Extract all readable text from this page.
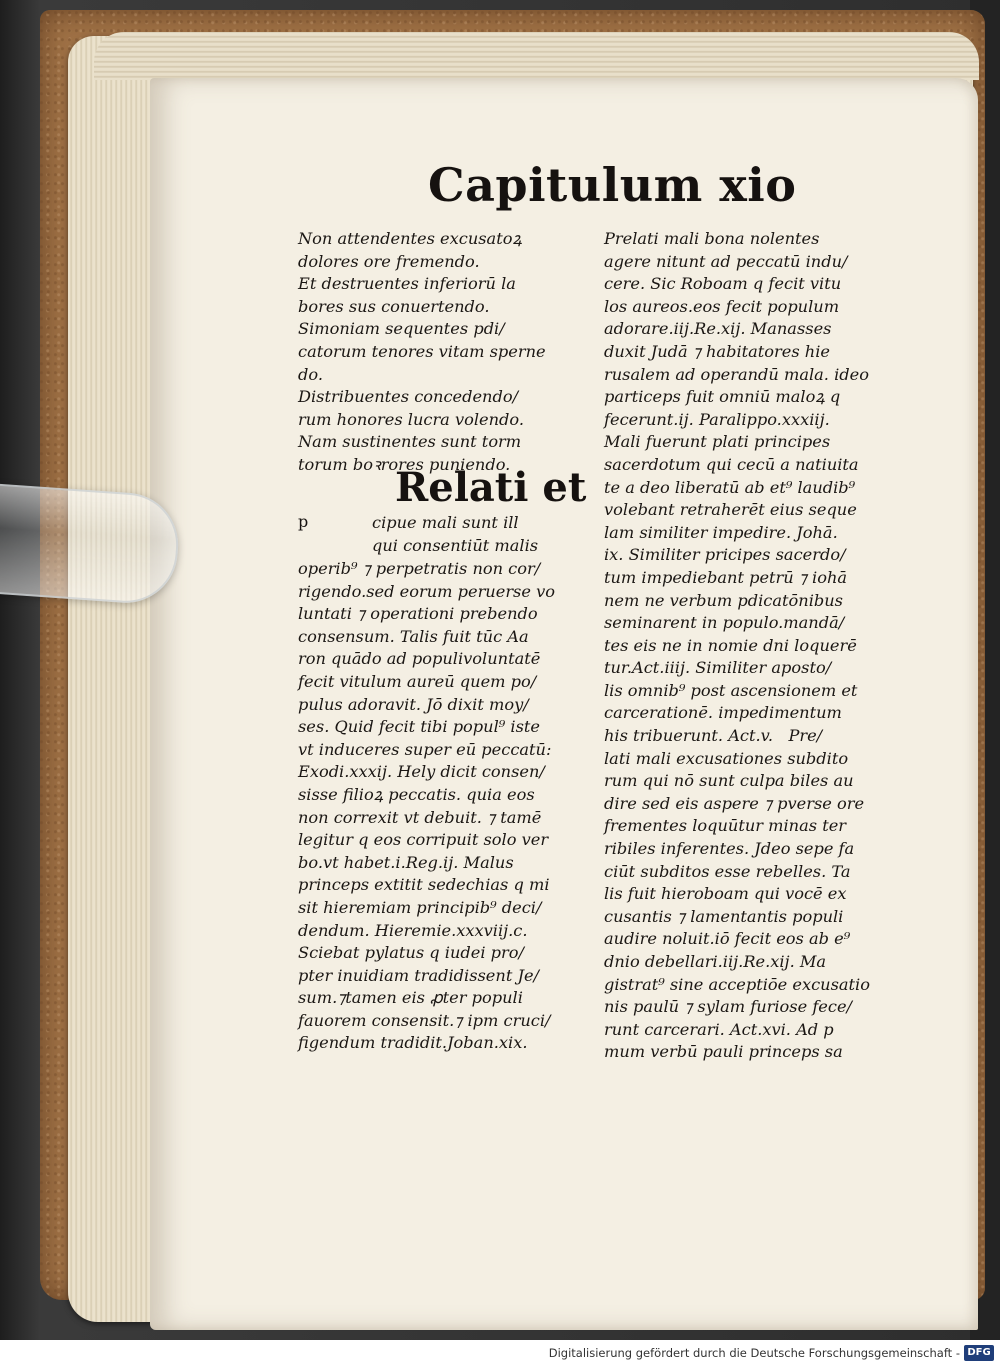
Capitulum xio
Non attendentes excusatoꝝ
dolores ore fremendo.
Et destruentes inferiorū la
bores sus conuertendo.
Simoniam sequentes pdi/
catorum tenores vitam sperne
do.
Distribuentes concedendo/
rum honores lucra volendo.
Nam sustinentes sunt torm
torum boꝛrores puniendo.
Relati et
p	cipue mali sunt ill
qui consentiūt malis
operib⁹ ⁊ perpetratis non cor/
rigendo.sed eorum peruerse vo
luntati ⁊ operationi prebendo
consensum. Talis fuit tūc Aa
ron quādo ad populivoluntatē
fecit vitulum aureū quem po/
pulus adoravit. Jō dixit moy/
ses. Quid fecit tibi popul⁹ iste
vt induceres super eū peccatū:
Exodi.xxxij. Hely dicit consen/
sisse filioꝝ peccatis. quia eos
non correxit vt debuit. ⁊ tamē
legitur q eos corripuit solo ver
bo.vt habet.i.Reg.ij. Malus
princeps extitit sedechias q mi
sit hieremiam principib⁹ deci/
dendum. Hieremie.xxxviij.c.
Sciebat pylatus q iudei pro/
pter inuidiam tradidissent Je/
sum.⁊tamen eis ꝓter populi
fauorem consensit.⁊ ipm cruci/
figendum tradidit.Joban.xix.
Prelati mali bona nolentes
agere nitunt ad peccatū indu/
cere. Sic Roboam q fecit vitu
los aureos.eos fecit populum
adorare.iij.Re.xij. Manasses
duxit Judā ⁊ habitatores hie
rusalem ad operandū mala. ideo
particeps fuit omniū maloꝝ q
fecerunt.ij. Paralippo.xxxiij.
Mali fuerunt plati principes
sacerdotum qui cecū a natiuita
te a deo liberatū ab et⁹ laudib⁹
volebant retraherēt eius seque
lam similiter impedire. Johā.
ix. Similiter pricipes sacerdo/
tum impediebant petrū ⁊ iohā
nem ne verbum pdicatōnibus
seminarent in populo.mandā/
tes eis ne in nomie dni loquerē
tur.Act.iiij. Similiter aposto/
lis omnib⁹ post ascensionem et
carcerationē. impedimentum
his tribuerunt. Act.v.   Pre/
lati mali excusationes subdito
rum qui nō sunt culpa biles au
dire sed eis aspere ⁊ pverse ore
frementes loquūtur minas ter
ribiles inferentes. Jdeo sepe fa
ciūt subditos esse rebelles. Ta
lis fuit hieroboam qui vocē ex
cusantis ⁊ lamentantis populi
audire noluit.iō fecit eos ab e⁹
dnio debellari.iij.Re.xij. Ma
gistrat⁹ sine acceptiōe excusatio
nis paulū ⁊ sylam furiose fece/
runt carcerari. Act.xvi. Ad p
mum verbū pauli princeps sa
Digitalisierung gefördert durch die Deutsche Forschungsgemeinschaft - DFG
